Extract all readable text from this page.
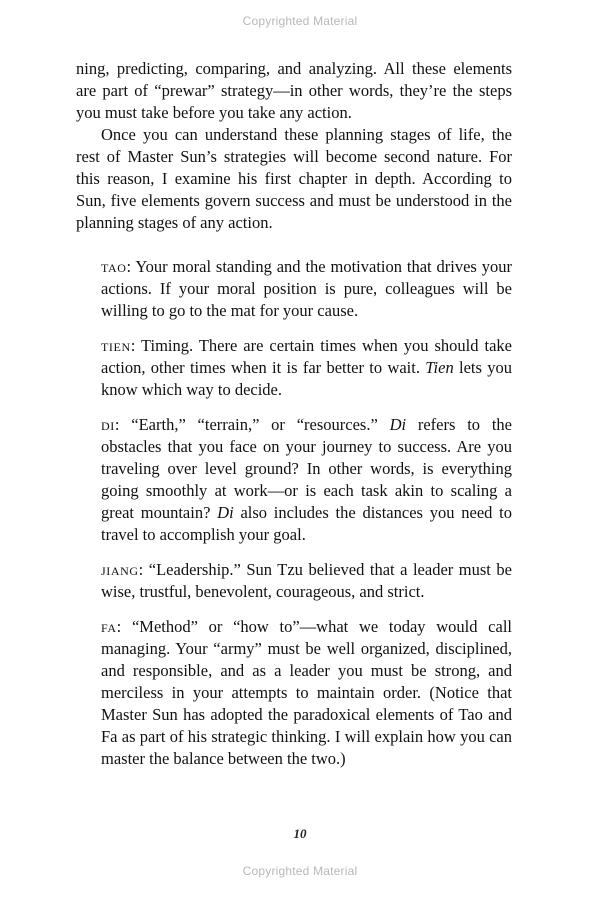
Copyrighted Material

ning, predicting, comparing, and analyzing. All these elements are part of “prewar” strategy—in other words, they’re the steps you must take before you take any action.

Once you can understand these planning stages of life, the rest of Master Sun’s strategies will become second nature. For this reason, I examine his first chapter in depth. According to Sun, five elements govern success and must be understood in the planning stages of any action.

tao: Your moral standing and the motivation that drives your actions. If your moral position is pure, colleagues will be willing to go to the mat for your cause.

tien: Timing. There are certain times when you should take action, other times when it is far better to wait. Tien lets you know which way to decide.

di: “Earth,” “terrain,” or “resources.” Di refers to the obstacles that you face on your journey to success. Are you traveling over level ground? In other words, is everything going smoothly at work—or is each task akin to scaling a great mountain? Di also includes the distances you need to travel to accomplish your goal.

jiang: “Leadership.” Sun Tzu believed that a leader must be wise, trustful, benevolent, courageous, and strict.

fa: “Method” or “how to”—what we today would call managing. Your “army” must be well organized, disciplined, and responsible, and as a leader you must be strong, and merciless in your attempts to maintain order. (Notice that Master Sun has adopted the paradoxical elements of Tao and Fa as part of his strategic thinking. I will explain how you can master the balance between the two.)

10
Copyrighted Material
